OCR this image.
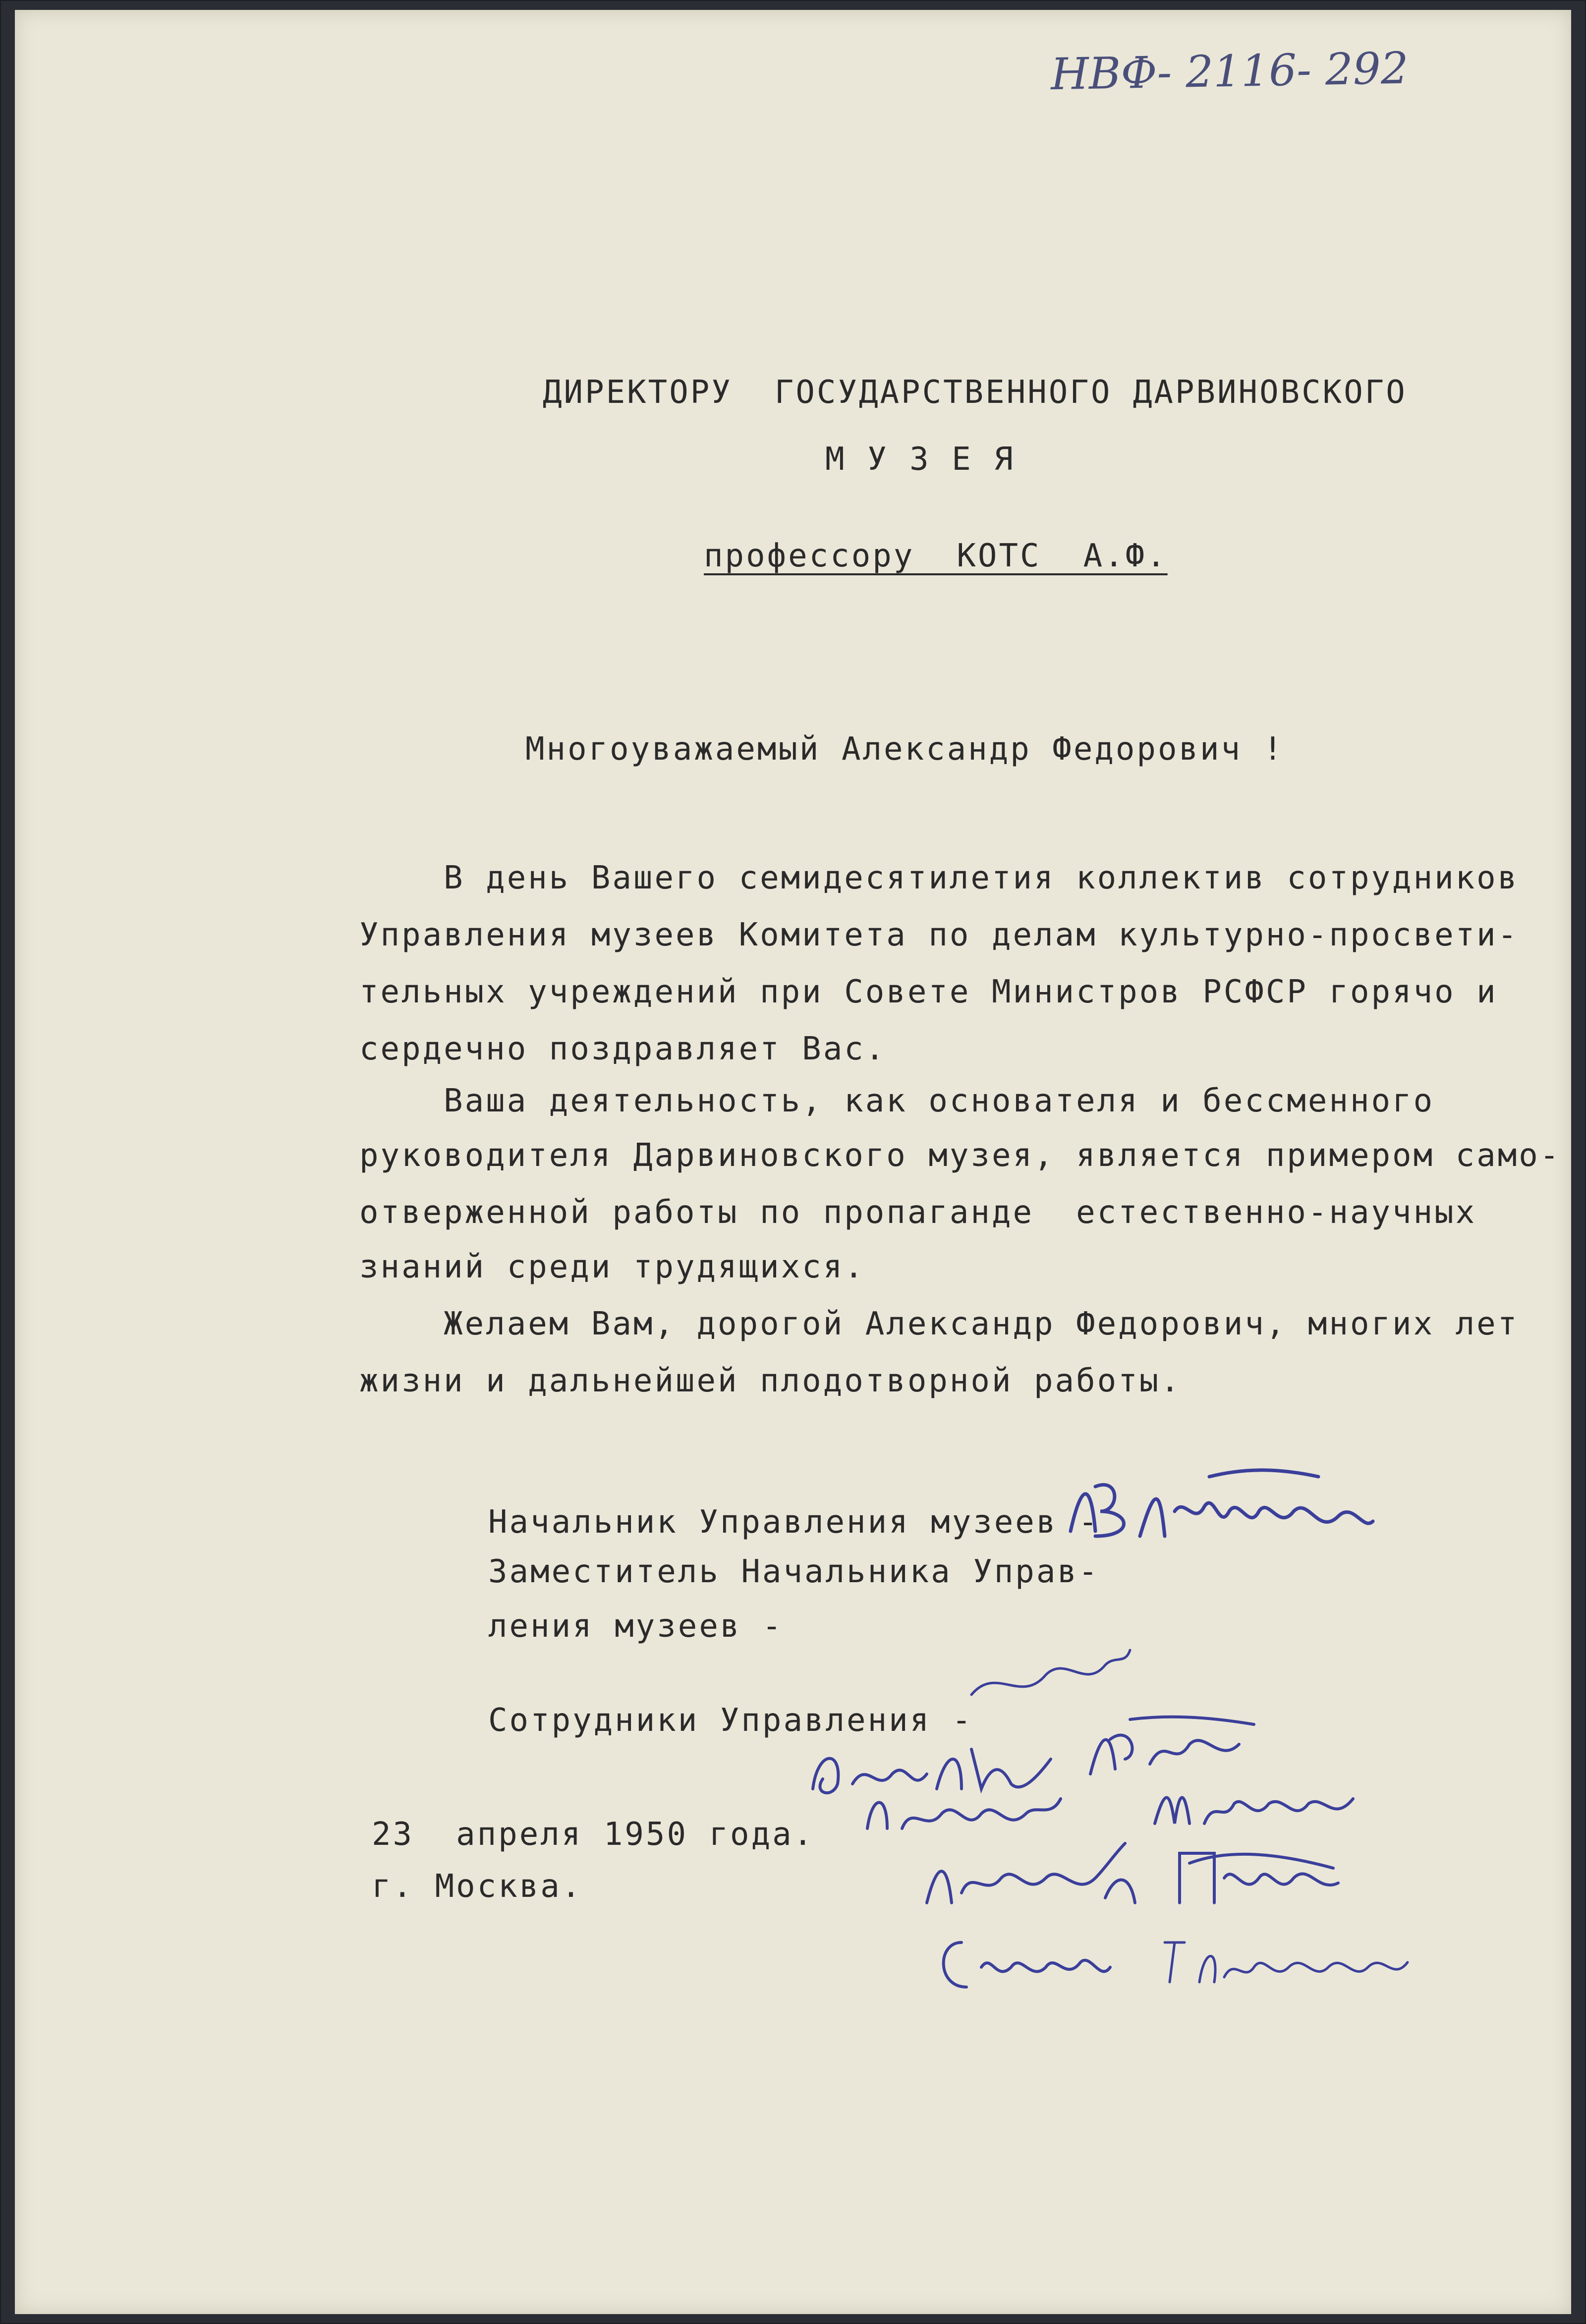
НВФ- 2116- 292
ДИРЕКТОРУ  ГОСУДАРСТВЕННОГО ДАРВИНОВСКОГО
М У З Е Я
профессору  КОТС  А.Ф.
Многоуважаемый Александр Федорович !
В день Вашего семидесятилетия коллектив сотрудников
Управления музеев Комитета по делам культурно-просвети-
тельных учреждений при Совете Министров РСФСР горячо и
сердечно поздравляет Вас.
Ваша деятельность, как основателя и бессменного
руководителя Дарвиновского музея, является примером само-
отверженной работы по пропаганде  естественно-научных
знаний среди трудящихся.
Желаем Вам, дорогой Александр Федорович, многих лет
жизни и дальнейшей плодотворной работы.
Начальник Управления музеев -
Заместитель Начальника Управ-
ления музеев -
Сотрудники Управления -
23  апреля 1950 года.
г. Москва.
